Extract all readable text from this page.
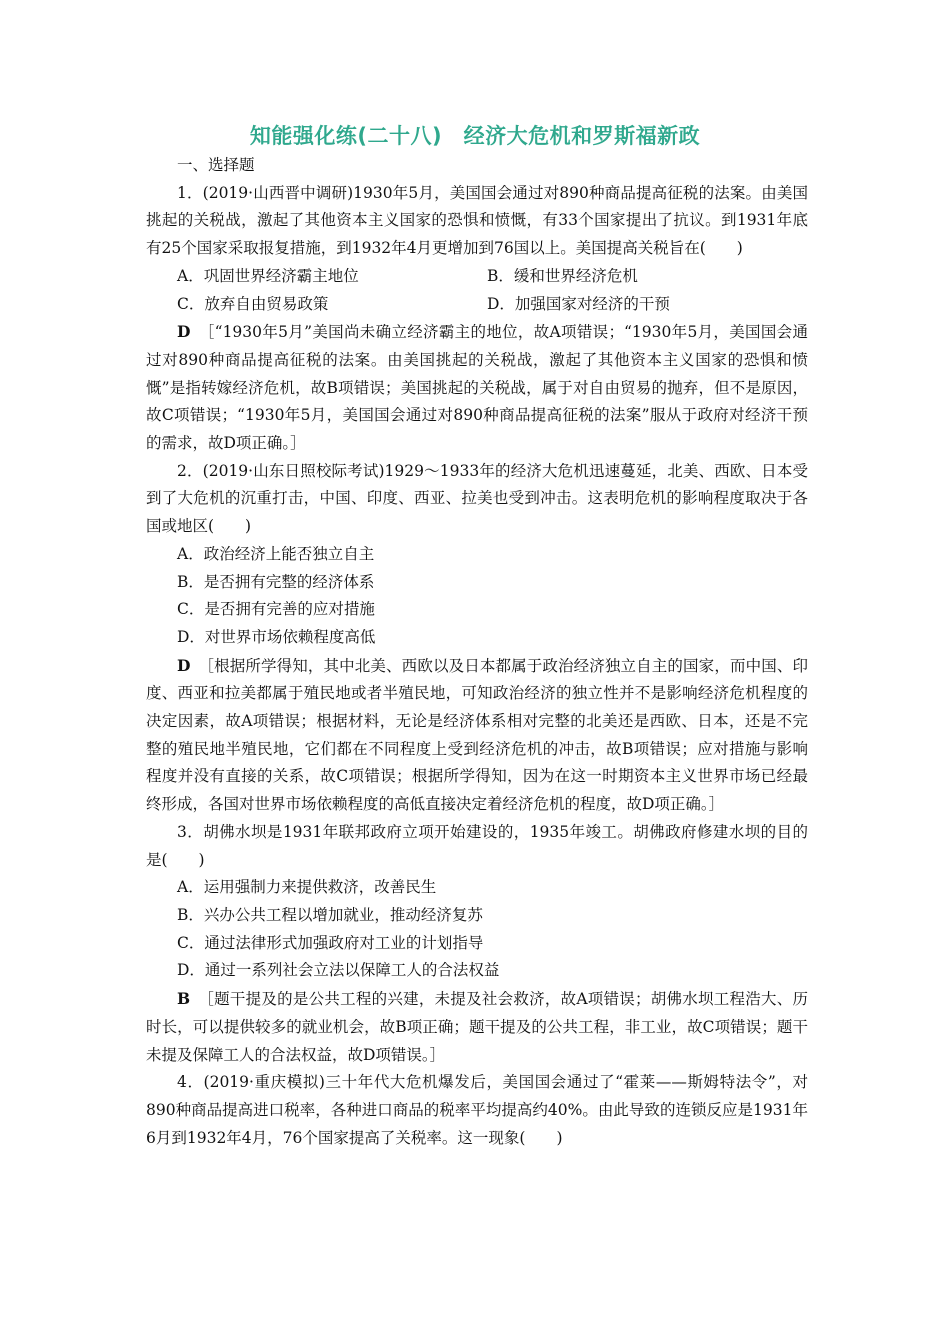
知能强化练(二十八)　经济大危机和罗斯福新政

一、选择题

1．(2019·山西晋中调研)1930年5月，美国国会通过对890种商品提高征税的法案。由美国挑起的关税战，激起了其他资本主义国家的恐惧和愤慨，有33个国家提出了抗议。到1931年底有25个国家采取报复措施，到1932年4月更增加到76国以上。美国提高关税旨在(　　)

A．巩固世界经济霸主地位	B．缓和世界经济危机
C．放弃自由贸易政策	D．加强国家对经济的干预

D　 ［“1930年5月”美国尚未确立经济霸主的地位，故A项错误；“1930年5月，美国国会通过对890种商品提高征税的法案。由美国挑起的关税战，激起了其他资本主义国家的恐惧和愤慨”是指转嫁经济危机，故B项错误；美国挑起的关税战，属于对自由贸易的抛弃，但不是原因，故C项错误；“1930年5月，美国国会通过对890种商品提高征税的法案”服从于政府对经济干预的需求，故D项正确。］

2．(2019·山东日照校际考试)1929～1933年的经济大危机迅速蔓延，北美、西欧、日本受到了大危机的沉重打击，中国、印度、西亚、拉美也受到冲击。这表明危机的影响程度取决于各国或地区(　　)

A．政治经济上能否独立自主

B．是否拥有完整的经济体系

C．是否拥有完善的应对措施

D．对世界市场依赖程度高低

D　 ［根据所学得知，其中北美、西欧以及日本都属于政治经济独立自主的国家，而中国、印度、西亚和拉美都属于殖民地或者半殖民地，可知政治经济的独立性并不是影响经济危机程度的决定因素，故A项错误；根据材料，无论是经济体系相对完整的北美还是西欧、日本，还是不完整的殖民地半殖民地，它们都在不同程度上受到经济危机的冲击，故B项错误；应对措施与影响程度并没有直接的关系，故C项错误；根据所学得知，因为在这一时期资本主义世界市场已经最终形成，各国对世界市场依赖程度的高低直接决定着经济危机的程度，故D项正确。］

3．胡佛水坝是1931年联邦政府立项开始建设的，1935年竣工。胡佛政府修建水坝的目的是(　　)

A．运用强制力来提供救济，改善民生

B．兴办公共工程以增加就业，推动经济复苏

C．通过法律形式加强政府对工业的计划指导

D．通过一系列社会立法以保障工人的合法权益

B　 ［题干提及的是公共工程的兴建，未提及社会救济，故A项错误；胡佛水坝工程浩大、历时长，可以提供较多的就业机会，故B项正确；题干提及的公共工程，非工业，故C项错误；题干未提及保障工人的合法权益，故D项错误。］

4．(2019·重庆模拟)三十年代大危机爆发后，美国国会通过了“霍莱——斯姆特法令”，对890种商品提高进口税率，各种进口商品的税率平均提高约40%。由此导致的连锁反应是1931年6月到1932年4月，76个国家提高了关税率。这一现象(　　)
